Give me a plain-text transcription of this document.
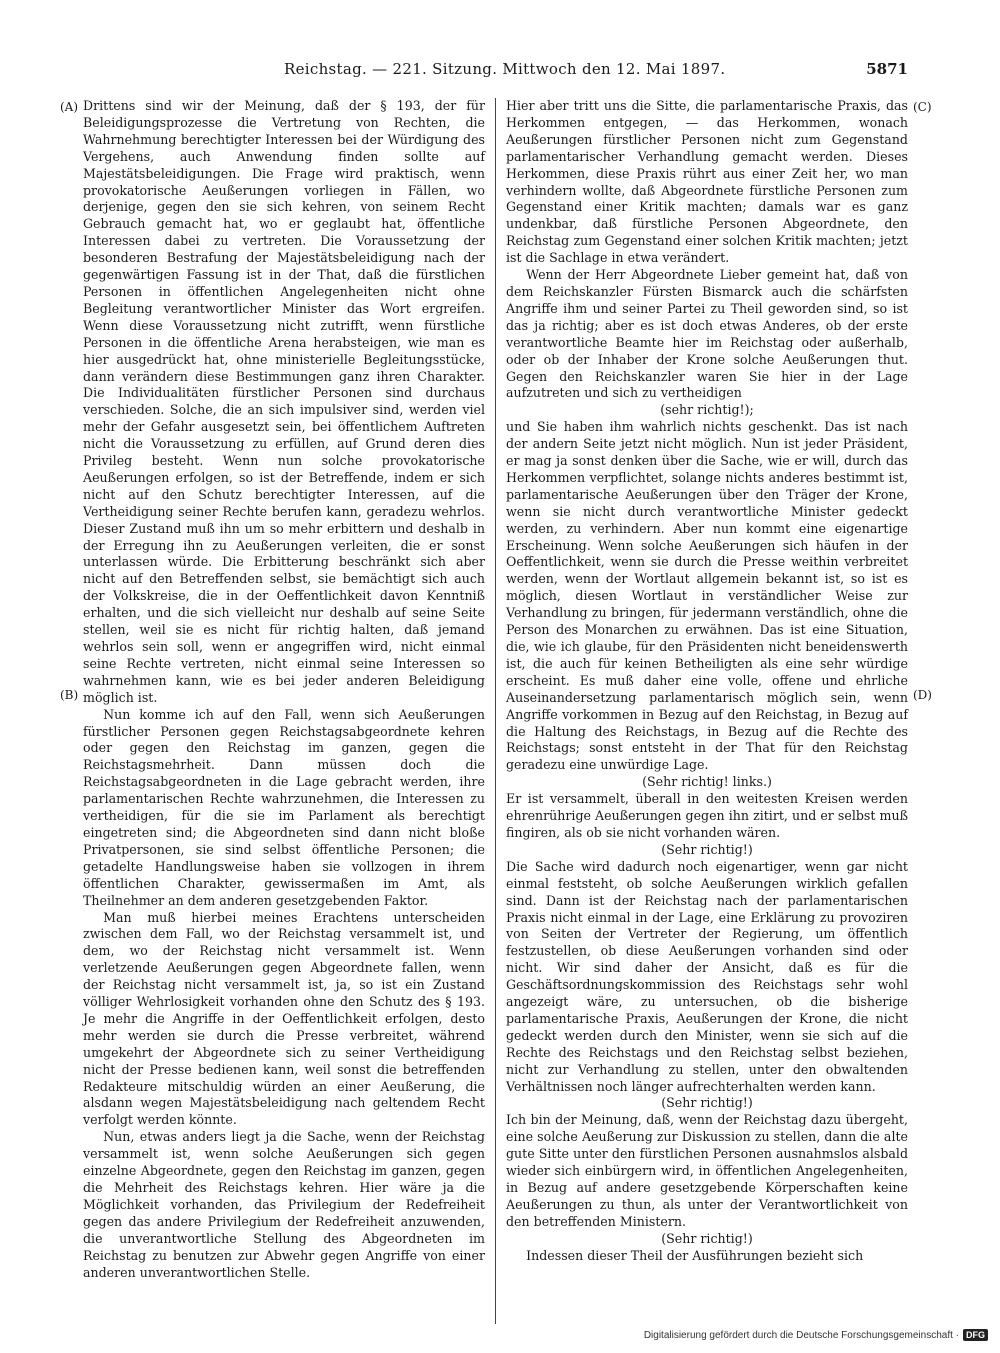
Reichstag. — 221. Sitzung. Mittwoch den 12. Mai 1897.	5871
(A)
(B)
(C)
(D)

Drittens sind wir der Meinung, daß der § 193, der für Beleidigungsprozesse die Vertretung von Rechten, die Wahrnehmung berechtigter Interessen bei der Würdigung des Vergehens, auch Anwendung finden sollte auf Majestätsbeleidigungen. Die Frage wird praktisch, wenn provokatorische Aeußerungen vorliegen in Fällen, wo derjenige, gegen den sie sich kehren, von seinem Recht Gebrauch gemacht hat, wo er geglaubt hat, öffentliche Interessen dabei zu vertreten. Die Voraussetzung der besonderen Bestrafung der Majestätsbeleidigung nach der gegenwärtigen Fassung ist in der That, daß die fürstlichen Personen in öffentlichen Angelegenheiten nicht ohne Begleitung verantwortlicher Minister das Wort ergreifen. Wenn diese Voraussetzung nicht zutrifft, wenn fürstliche Personen in die öffentliche Arena herabsteigen, wie man es hier ausgedrückt hat, ohne ministerielle Begleitungsstücke, dann verändern diese Bestimmungen ganz ihren Charakter. Die Individualitäten fürstlicher Personen sind durchaus verschieden. Solche, die an sich impulsiver sind, werden viel mehr der Gefahr ausgesetzt sein, bei öffentlichem Auftreten nicht die Voraussetzung zu erfüllen, auf Grund deren dies Privileg besteht. Wenn nun solche provokatorische Aeußerungen erfolgen, so ist der Betreffende, indem er sich nicht auf den Schutz berechtigter Interessen, auf die Vertheidigung seiner Rechte berufen kann, geradezu wehrlos. Dieser Zustand muß ihn um so mehr erbittern und deshalb in der Erregung ihn zu Aeußerungen verleiten, die er sonst unterlassen würde. Die Erbitterung beschränkt sich aber nicht auf den Betreffenden selbst, sie bemächtigt sich auch der Volkskreise, die in der Oeffentlichkeit davon Kenntniß erhalten, und die sich vielleicht nur deshalb auf seine Seite stellen, weil sie es nicht für richtig halten, daß jemand wehrlos sein soll, wenn er angegriffen wird, nicht einmal seine Rechte vertreten, nicht einmal seine Interessen so wahrnehmen kann, wie es bei jeder anderen Beleidigung möglich ist.

Nun komme ich auf den Fall, wenn sich Aeußerungen fürstlicher Personen gegen Reichstagsabgeordnete kehren oder gegen den Reichstag im ganzen, gegen die Reichstagsmehrheit. Dann müssen doch die Reichstagsabgeordneten in die Lage gebracht werden, ihre parlamentarischen Rechte wahrzunehmen, die Interessen zu vertheidigen, für die sie im Parlament als berechtigt eingetreten sind; die Abgeordneten sind dann nicht bloße Privatpersonen, sie sind selbst öffentliche Personen; die getadelte Handlungsweise haben sie vollzogen in ihrem öffentlichen Charakter, gewissermaßen im Amt, als Theilnehmer an dem anderen gesetzgebenden Faktor.

Man muß hierbei meines Erachtens unterscheiden zwischen dem Fall, wo der Reichstag versammelt ist, und dem, wo der Reichstag nicht versammelt ist. Wenn verletzende Aeußerungen gegen Abgeordnete fallen, wenn der Reichstag nicht versammelt ist, ja, so ist ein Zustand völliger Wehrlosigkeit vorhanden ohne den Schutz des § 193. Je mehr die Angriffe in der Oeffentlichkeit erfolgen, desto mehr werden sie durch die Presse verbreitet, während umgekehrt der Abgeordnete sich zu seiner Vertheidigung nicht der Presse bedienen kann, weil sonst die betreffenden Redakteure mitschuldig würden an einer Aeußerung, die alsdann wegen Majestätsbeleidigung nach geltendem Recht verfolgt werden könnte.

Nun, etwas anders liegt ja die Sache, wenn der Reichstag versammelt ist, wenn solche Aeußerungen sich gegen einzelne Abgeordnete, gegen den Reichstag im ganzen, gegen die Mehrheit des Reichstags kehren. Hier wäre ja die Möglichkeit vorhanden, das Privilegium der Redefreiheit gegen das andere Privilegium der Redefreiheit anzuwenden, die unverantwortliche Stellung des Abgeordneten im Reichstag zu benutzen zur Abwehr gegen Angriffe von einer anderen unverantwortlichen Stelle.

Hier aber tritt uns die Sitte, die parlamentarische Praxis, das Herkommen entgegen, — das Herkommen, wonach Aeußerungen fürstlicher Personen nicht zum Gegenstand parlamentarischer Verhandlung gemacht werden. Dieses Herkommen, diese Praxis rührt aus einer Zeit her, wo man verhindern wollte, daß Abgeordnete fürstliche Personen zum Gegenstand einer Kritik machten; damals war es ganz undenkbar, daß fürstliche Personen Abgeordnete, den Reichstag zum Gegenstand einer solchen Kritik machten; jetzt ist die Sachlage in etwa verändert.

Wenn der Herr Abgeordnete Lieber gemeint hat, daß von dem Reichskanzler Fürsten Bismarck auch die schärfsten Angriffe ihm und seiner Partei zu Theil geworden sind, so ist das ja richtig; aber es ist doch etwas Anderes, ob der erste verantwortliche Beamte hier im Reichstag oder außerhalb, oder ob der Inhaber der Krone solche Aeußerungen thut. Gegen den Reichskanzler waren Sie hier in der Lage aufzutreten und sich zu vertheidigen

(sehr richtig!);

und Sie haben ihm wahrlich nichts geschenkt. Das ist nach der andern Seite jetzt nicht möglich. Nun ist jeder Präsident, er mag ja sonst denken über die Sache, wie er will, durch das Herkommen verpflichtet, solange nichts anderes bestimmt ist, parlamentarische Aeußerungen über den Träger der Krone, wenn sie nicht durch verantwortliche Minister gedeckt werden, zu verhindern. Aber nun kommt eine eigenartige Erscheinung. Wenn solche Aeußerungen sich häufen in der Oeffentlichkeit, wenn sie durch die Presse weithin verbreitet werden, wenn der Wortlaut allgemein bekannt ist, so ist es möglich, diesen Wortlaut in verständlicher Weise zur Verhandlung zu bringen, für jedermann verständlich, ohne die Person des Monarchen zu erwähnen. Das ist eine Situation, die, wie ich glaube, für den Präsidenten nicht beneidenswerth ist, die auch für keinen Betheiligten als eine sehr würdige erscheint. Es muß daher eine volle, offene und ehrliche Auseinandersetzung parlamentarisch möglich sein, wenn Angriffe vorkommen in Bezug auf den Reichstag, in Bezug auf die Haltung des Reichstags, in Bezug auf die Rechte des Reichstags; sonst entsteht in der That für den Reichstag geradezu eine unwürdige Lage.

(Sehr richtig! links.)

Er ist versammelt, überall in den weitesten Kreisen werden ehrenrührige Aeußerungen gegen ihn zitirt, und er selbst muß fingiren, als ob sie nicht vorhanden wären.

(Sehr richtig!)

Die Sache wird dadurch noch eigenartiger, wenn gar nicht einmal feststeht, ob solche Aeußerungen wirklich gefallen sind. Dann ist der Reichstag nach der parlamentarischen Praxis nicht einmal in der Lage, eine Erklärung zu provoziren von Seiten der Vertreter der Regierung, um öffentlich festzustellen, ob diese Aeußerungen vorhanden sind oder nicht. Wir sind daher der Ansicht, daß es für die Geschäftsordnungskommission des Reichstags sehr wohl angezeigt wäre, zu untersuchen, ob die bisherige parlamentarische Praxis, Aeußerungen der Krone, die nicht gedeckt werden durch den Minister, wenn sie sich auf die Rechte des Reichstags und den Reichstag selbst beziehen, nicht zur Verhandlung zu stellen, unter den obwaltenden Verhältnissen noch länger aufrechterhalten werden kann.

(Sehr richtig!)

Ich bin der Meinung, daß, wenn der Reichstag dazu übergeht, eine solche Aeußerung zur Diskussion zu stellen, dann die alte gute Sitte unter den fürstlichen Personen ausnahmslos alsbald wieder sich einbürgern wird, in öffentlichen Angelegenheiten, in Bezug auf andere gesetzgebende Körperschaften keine Aeußerungen zu thun, als unter der Verantwortlichkeit von den betreffenden Ministern.

(Sehr richtig!)

Indessen dieser Theil der Ausführungen bezieht sich

Digitalisierung gefördert durch die Deutsche Forschungsgemeinschaft · DFG
